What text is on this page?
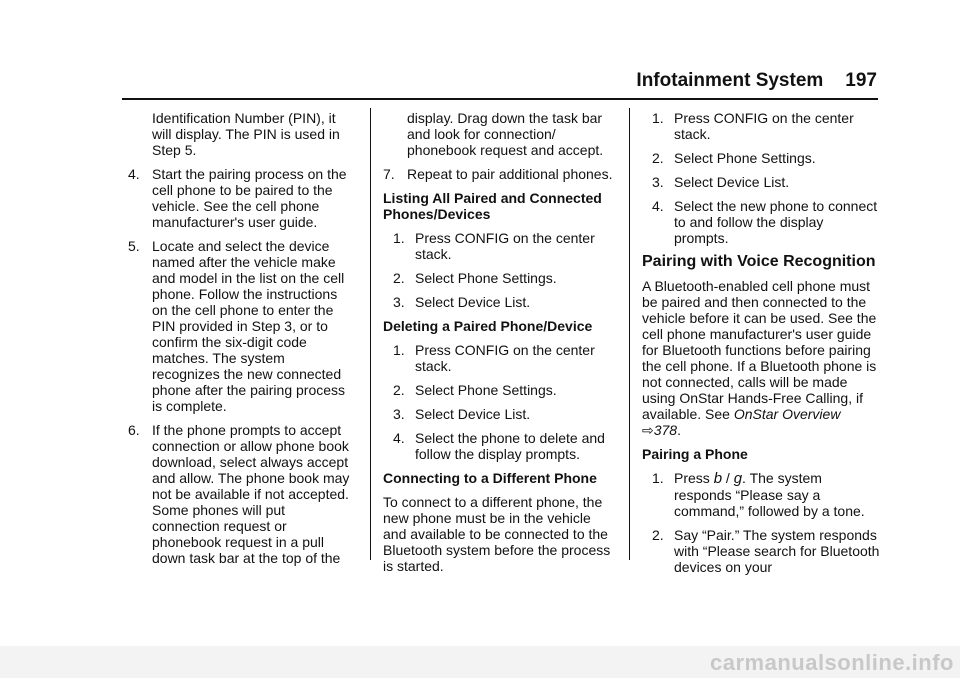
Infotainment System 197

Identification Number (PIN), it will display. The PIN is used in Step 5.

4. Start the pairing process on the cell phone to be paired to the vehicle. See the cell phone manufacturer's user guide.
5. Locate and select the device named after the vehicle make and model in the list on the cell phone. Follow the instructions on the cell phone to enter the PIN provided in Step 3, or to confirm the six-digit code matches. The system recognizes the new connected phone after the pairing process is complete.
6. If the phone prompts to accept connection or allow phone book download, select always accept and allow. The phone book may not be available if not accepted. Some phones will put connection request or phonebook request in a pull down task bar at the top of the

display. Drag down the task bar and look for connection/ phonebook request and accept.

7. Repeat to pair additional phones.
Listing All Paired and Connected Phones/Devices
1. Press CONFIG on the center stack.
2. Select Phone Settings.
3. Select Device List.
Deleting a Paired Phone/Device
1. Press CONFIG on the center stack.
2. Select Phone Settings.
3. Select Device List.
4. Select the phone to delete and follow the display prompts.
Connecting to a Different Phone

To connect to a different phone, the new phone must be in the vehicle and available to be connected to the Bluetooth system before the process is started.

1. Press CONFIG on the center stack.
2. Select Phone Settings.
3. Select Device List.
4. Select the new phone to connect to and follow the display prompts.
Pairing with Voice Recognition

A Bluetooth-enabled cell phone must be paired and then connected to the vehicle before it can be used. See the cell phone manufacturer's user guide for Bluetooth functions before pairing the cell phone. If a Bluetooth phone is not connected, calls will be made using OnStar Hands-Free Calling, if available. See OnStar Overview ⇨378.

Pairing a Phone
1. Press b / g. The system responds “Please say a command,” followed by a tone.
2. Say “Pair.” The system responds with “Please search for Bluetooth devices on your
carmanualsonline.info
